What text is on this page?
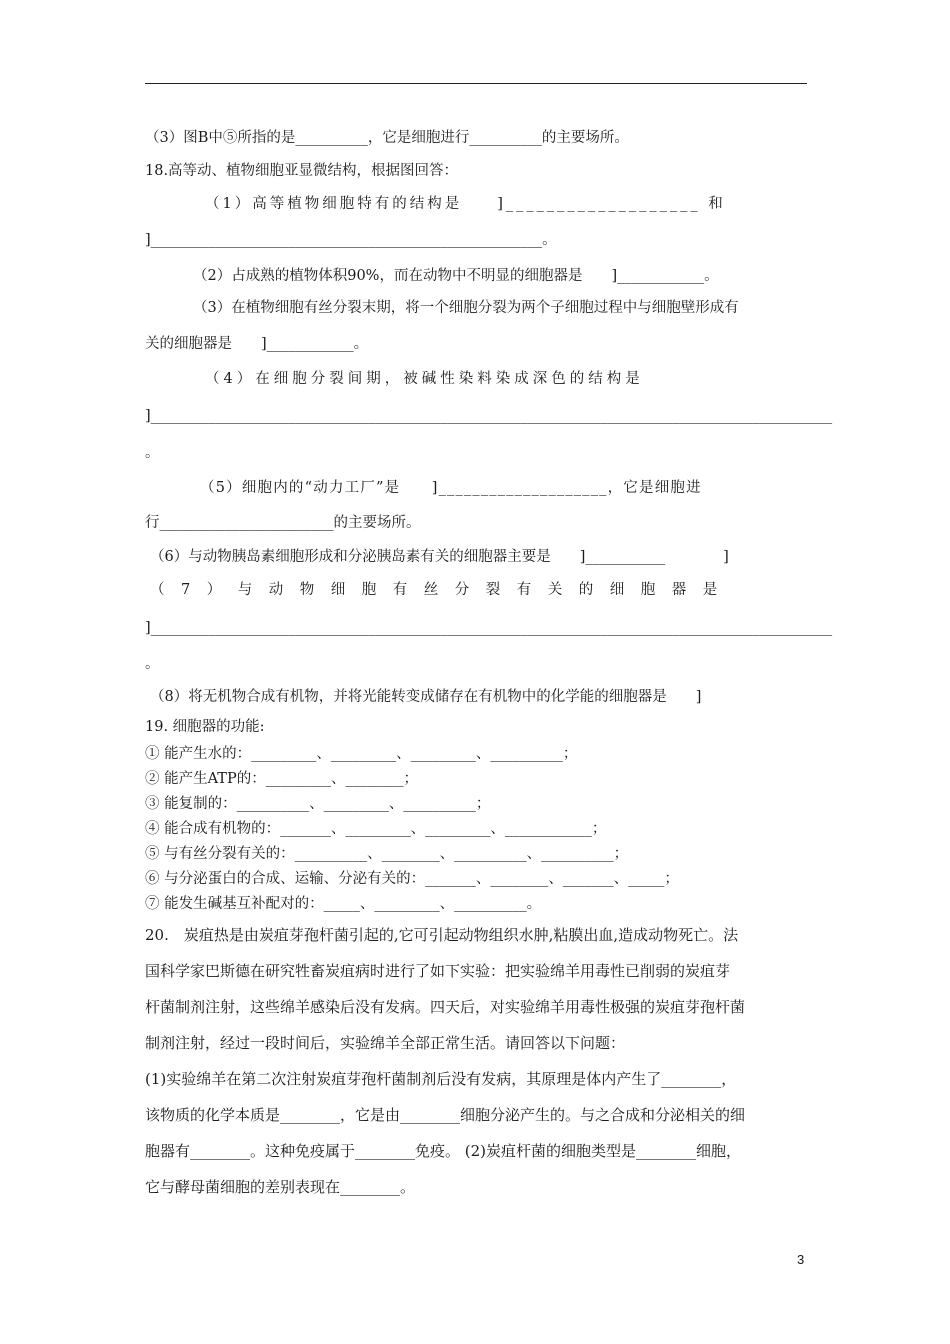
（3）图B中⑤所指的是__________，它是细胞进行__________的主要场所。
18.高等动、植物细胞亚显微结构，根据图回答：
（1）高等植物细胞特有的结构是　　]___________________ 和
]______________________________________________________。
（2）占成熟的植物体积90%，而在动物中不明显的细胞器是　　]____________。
（3）在植物细胞有丝分裂末期，将一个细胞分裂为两个子细胞过程中与细胞壁形成有
关的细胞器是　　]____________。
（4）在细胞分裂间期，被碱性染料染成深色的结构是
]______________________________________________________________________________________________
。
（5）细胞内的“动力工厂”是　　]____________________，它是细胞进
行________________________的主要场所。
（6）与动物胰岛素细胞形成和分泌胰岛素有关的细胞器主要是　　]___________　　　　]
（7）与动物细胞有丝分裂有关的细胞器是
]______________________________________________________________________________________________
。
（8）将无机物合成有机物，并将光能转变成储存在有机物中的化学能的细胞器是　　]
19. 细胞器的功能:
① 能产生水的：_________、_________、_________、__________；
② 能产生ATP的：_________、________；
③ 能复制的：__________、_________、__________；
④ 能合成有机物的：_______、_________、_________、____________；
⑤ 与有丝分裂有关的：__________、________、__________、__________；
⑥ 与分泌蛋白的合成、运输、分泌有关的：_______、________、_______、_____；
⑦ 能发生碱基互补配对的：_____、_________、__________。
20.　炭疽热是由炭疽芽孢杆菌引起的,它可引起动物组织水肿,粘膜出血,造成动物死亡。法
国科学家巴斯德在研究牲畜炭疽病时进行了如下实验：把实验绵羊用毒性已削弱的炭疽芽
杆菌制剂注射，这些绵羊感染后没有发病。四天后，对实验绵羊用毒性极强的炭疽芽孢杆菌
制剂注射，经过一段时间后，实验绵羊全部正常生活。请回答以下问题：
(1)实验绵羊在第二次注射炭疽芽孢杆菌制剂后没有发病，其原理是体内产生了________，
该物质的化学本质是________，它是由________细胞分泌产生的。与之合成和分泌相关的细
胞器有________。这种免疫属于________免疫。 (2)炭疽杆菌的细胞类型是________细胞，
它与酵母菌细胞的差别表现在________。
3
